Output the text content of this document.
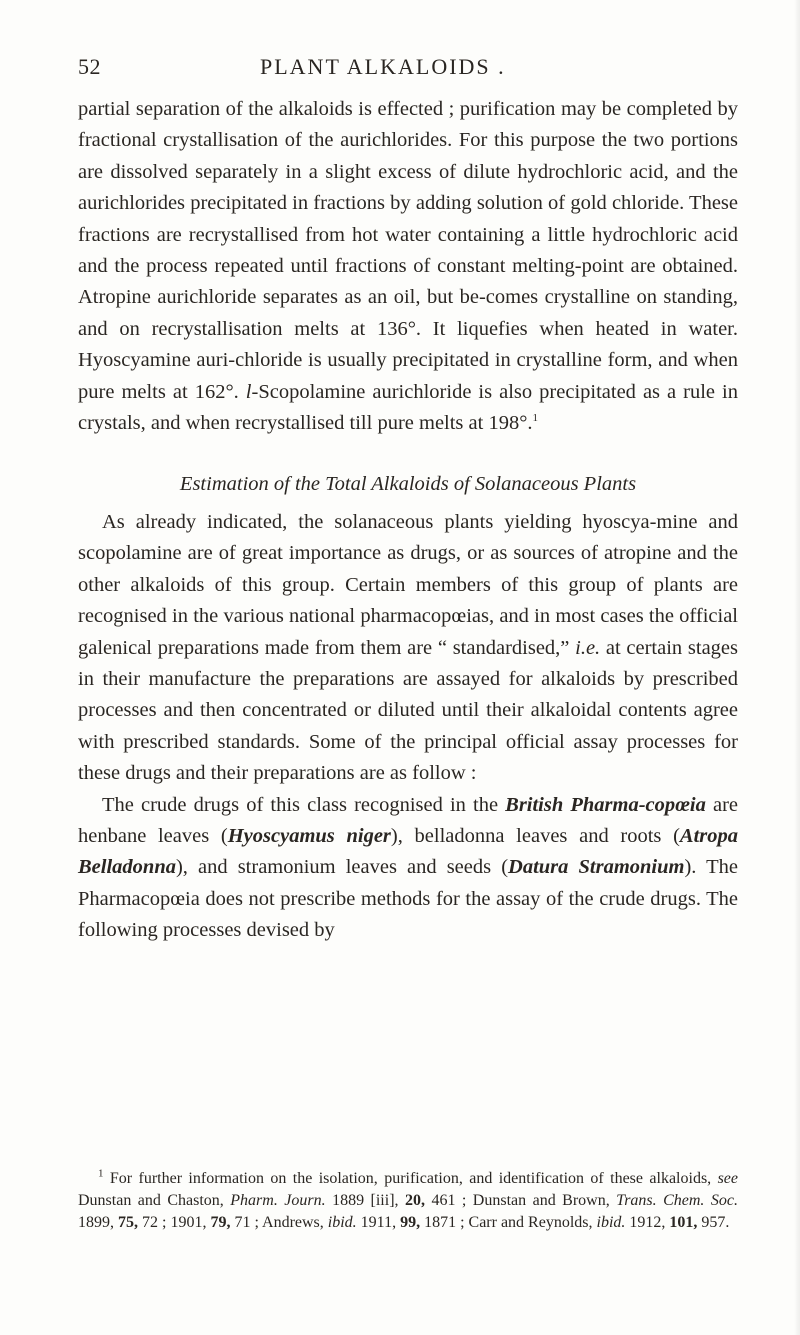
52	PLANT ALKALOIDS .

partial separation of the alkaloids is effected ; purification may be completed by fractional crystallisation of the aurichlorides. For this purpose the two portions are dissolved separately in a slight excess of dilute hydrochloric acid, and the aurichlorides precipitated in fractions by adding solution of gold chloride. These fractions are recrystallised from hot water containing a little hydrochloric acid and the process repeated until fractions of constant melting-point are obtained. Atropine aurichloride separates as an oil, but be-comes crystalline on standing, and on recrystallisation melts at 136°. It liquefies when heated in water. Hyoscyamine auri-chloride is usually precipitated in crystalline form, and when pure melts at 162°. l-Scopolamine aurichloride is also precipitated as a rule in crystals, and when recrystallised till pure melts at 198°.$^1$

Estimation of the Total Alkaloids of Solanaceous Plants

As already indicated, the solanaceous plants yielding hyoscya-mine and scopolamine are of great importance as drugs, or as sources of atropine and the other alkaloids of this group. Certain members of this group of plants are recognised in the various national pharmacopœias, and in most cases the official galenical preparations made from them are “ standardised,” i.e. at certain stages in their manufacture the preparations are assayed for alkaloids by prescribed processes and then concentrated or diluted until their alkaloidal contents agree with prescribed standards. Some of the principal official assay processes for these drugs and their preparations are as follow :

The crude drugs of this class recognised in the British Pharma-copœia are henbane leaves (Hyoscyamus niger), belladonna leaves and roots (Atropa Belladonna), and stramonium leaves and seeds (Datura Stramonium). The Pharmacopœia does not prescribe methods for the assay of the crude drugs. The following processes devised by

$^1$ For further information on the isolation, purification, and identification of these alkaloids, see Dunstan and Chaston, Pharm. Journ. 1889 [iii], 20, 461 ; Dunstan and Brown, Trans. Chem. Soc. 1899, 75, 72 ; 1901, 79, 71 ; Andrews, ibid. 1911, 99, 1871 ; Carr and Reynolds, ibid. 1912, 101, 957.
